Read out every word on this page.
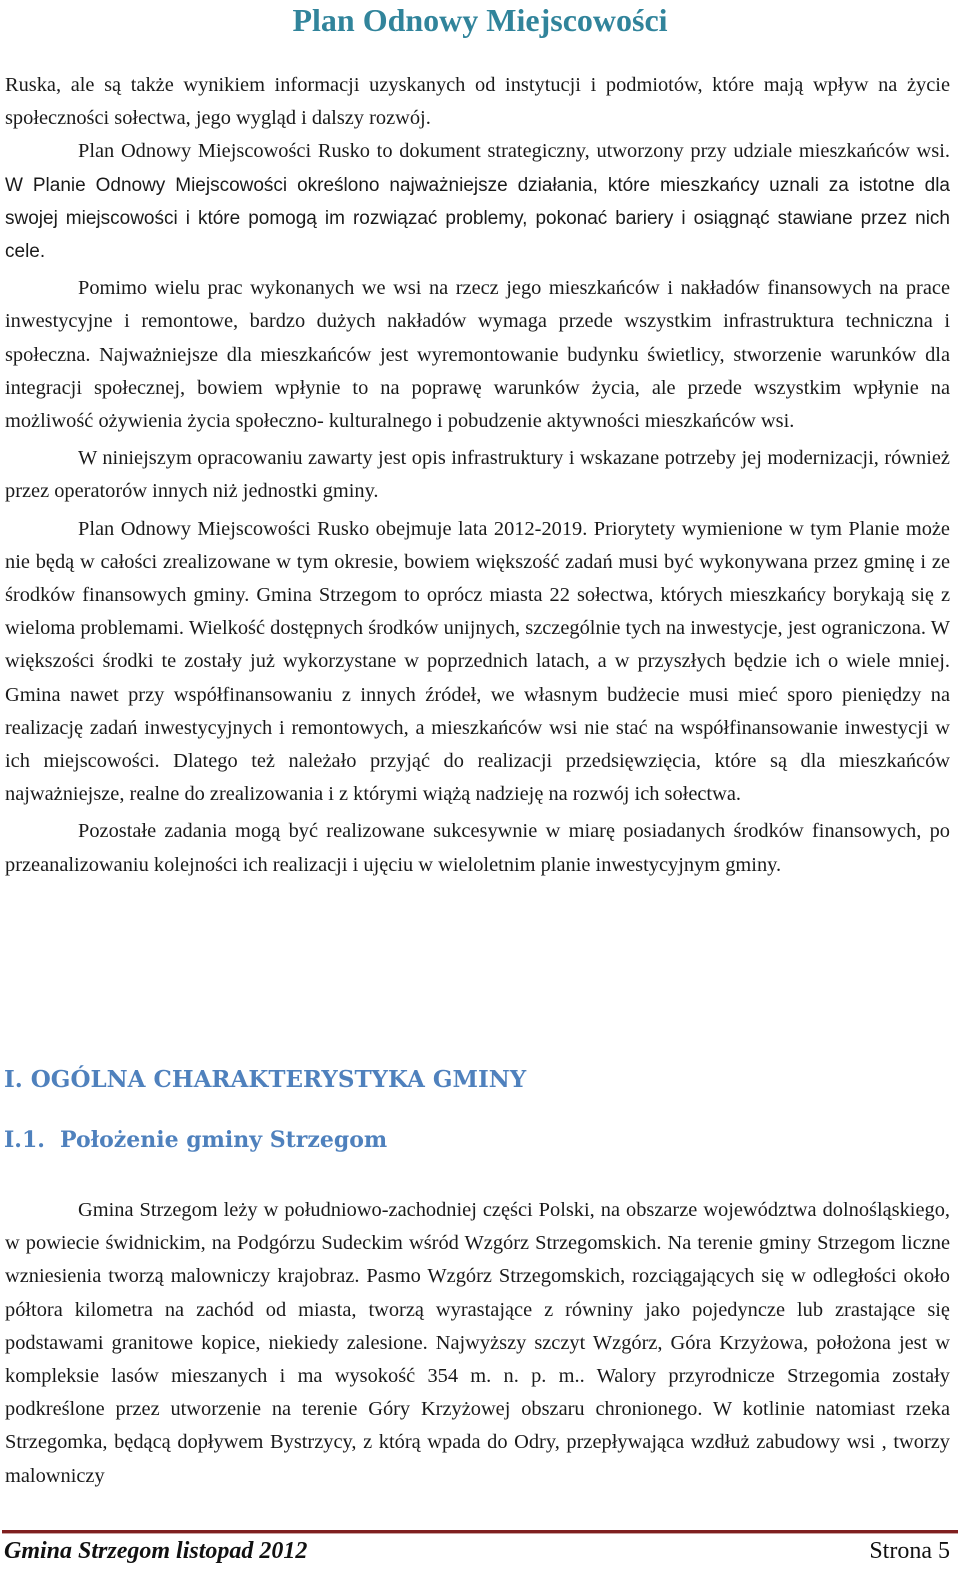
Plan Odnowy Miejscowości

Ruska, ale są także wynikiem informacji uzyskanych od instytucji i podmiotów, które mają wpływ na życie społeczności sołectwa, jego wygląd i dalszy rozwój.

Plan Odnowy Miejscowości Rusko to dokument strategiczny, utworzony przy udziale mieszkańców wsi. W Planie Odnowy Miejscowości określono najważniejsze działania, które mieszkańcy uznali za istotne dla swojej miejscowości i które pomogą im rozwiązać problemy, pokonać bariery i osiągnąć stawiane przez nich cele.

Pomimo wielu prac wykonanych we wsi na rzecz jego mieszkańców i nakładów finansowych na prace inwestycyjne i remontowe, bardzo dużych nakładów wymaga przede wszystkim infrastruktura techniczna i społeczna. Najważniejsze dla mieszkańców jest wyremontowanie budynku świetlicy, stworzenie warunków dla integracji społecznej, bowiem wpłynie to na poprawę warunków życia, ale przede wszystkim wpłynie na możliwość ożywienia życia społeczno- kulturalnego i pobudzenie aktywności mieszkańców wsi.

W niniejszym opracowaniu zawarty jest opis infrastruktury i wskazane potrzeby jej modernizacji, również przez operatorów innych niż jednostki gminy.

Plan Odnowy Miejscowości Rusko obejmuje lata 2012-2019. Priorytety wymienione w tym Planie może nie będą w całości zrealizowane w tym okresie, bowiem większość zadań musi być wykonywana przez gminę i ze środków finansowych gminy. Gmina Strzegom to oprócz miasta 22 sołectwa, których mieszkańcy borykają się z wieloma problemami. Wielkość dostępnych środków unijnych, szczególnie tych na inwestycje, jest ograniczona. W większości środki te zostały już wykorzystane w poprzednich latach, a w przyszłych będzie ich o wiele mniej. Gmina nawet przy współfinansowaniu z innych źródeł, we własnym budżecie musi mieć sporo pieniędzy na realizację zadań inwestycyjnych i remontowych, a mieszkańców wsi nie stać na współfinansowanie inwestycji w ich miejscowości. Dlatego też należało przyjąć do realizacji przedsięwzięcia, które są dla mieszkańców najważniejsze, realne do zrealizowania i z którymi wiążą nadzieję na rozwój ich sołectwa.

Pozostałe zadania mogą być realizowane sukcesywnie w miarę posiadanych środków finansowych, po przeanalizowaniu kolejności ich realizacji i ujęciu w wieloletnim planie inwestycyjnym gminy.

I. OGÓLNA CHARAKTERYSTYKA GMINY
I.1. Położenie gminy Strzegom

Gmina Strzegom leży w południowo-zachodniej części Polski, na obszarze województwa dolnośląskiego, w powiecie świdnickim, na Podgórzu Sudeckim wśród Wzgórz Strzegomskich. Na terenie gminy Strzegom liczne wzniesienia tworzą malowniczy krajobraz. Pasmo Wzgórz Strzegomskich, rozciągających się w odległości około półtora kilometra na zachód od miasta, tworzą wyrastające z równiny jako pojedyncze lub zrastające się podstawami granitowe kopice, niekiedy zalesione. Najwyższy szczyt Wzgórz, Góra Krzyżowa, położona jest w kompleksie lasów mieszanych i ma wysokość 354 m. n. p. m.. Walory przyrodnicze Strzegomia zostały podkreślone przez utworzenie na terenie Góry Krzyżowej obszaru chronionego. W kotlinie natomiast rzeka Strzegomka, będącą dopływem Bystrzycy, z którą wpada do Odry, przepływająca wzdłuż zabudowy wsi , tworzy malowniczy

Gmina Strzegom listopad 2012	Strona 5
